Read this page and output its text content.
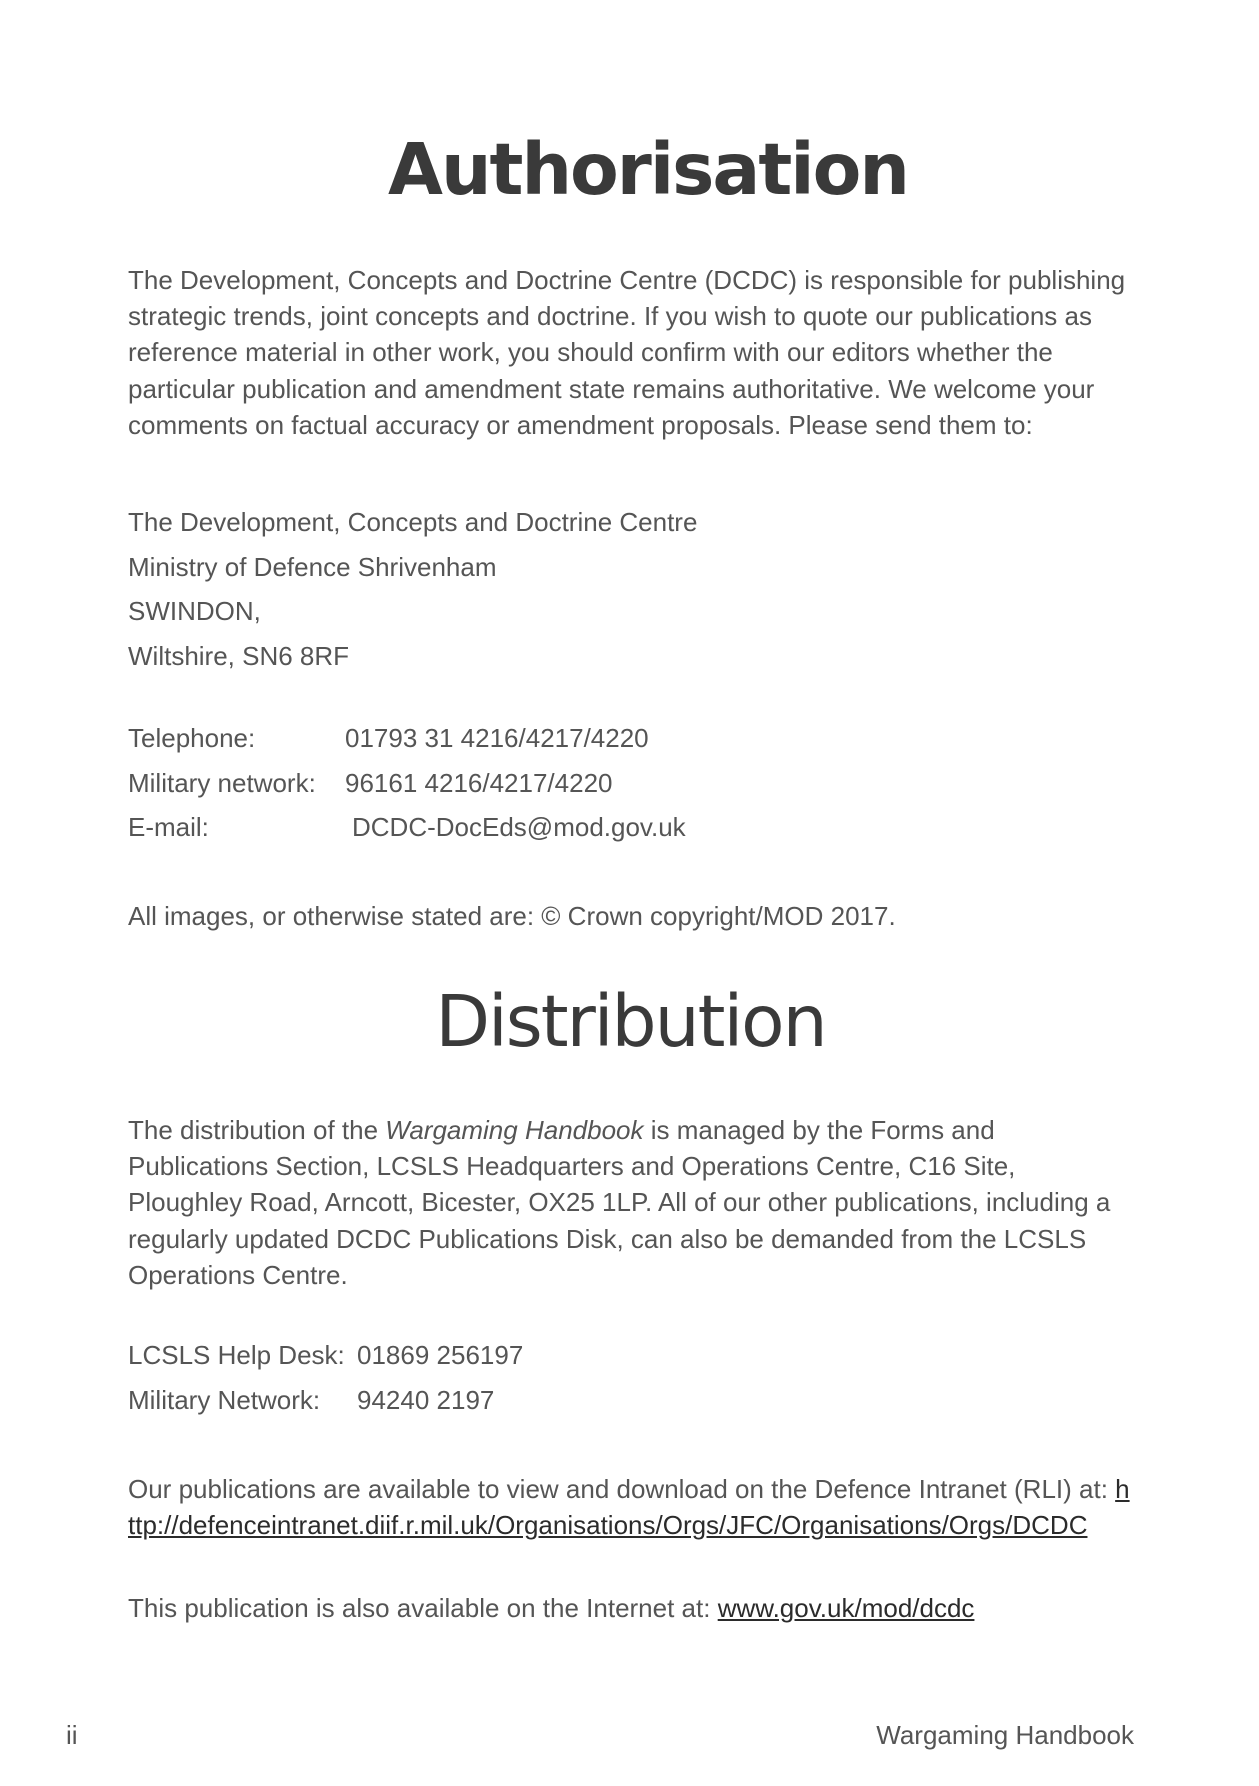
Authorisation

The Development, Concepts and Doctrine Centre (DCDC) is responsible for publishing strategic trends, joint concepts and doctrine. If you wish to quote our publications as reference material in other work, you should confirm with our editors whether the particular publication and amendment state remains authoritative. We welcome your comments on factual accuracy or amendment proposals. Please send them to:

The Development, Concepts and Doctrine Centre
Ministry of Defence Shrivenham
SWINDON,
Wiltshire, SN6 8RF
Telephone:	01793 31 4216/4217/4220
Military network: 96161 4216/4217/4220
E-mail:	DCDC-DocEds@mod.gov.uk

All images, or otherwise stated are: © Crown copyright/MOD 2017.

Distribution

The distribution of the Wargaming Handbook is managed by the Forms and Publications Section, LCSLS Headquarters and Operations Centre, C16 Site, Ploughley Road, Arncott, Bicester, OX25 1LP. All of our other publications, including a regularly updated DCDC Publications Disk, can also be demanded from the LCSLS Operations Centre.

LCSLS Help Desk: 01869 256197
Military Network: 94240 2197

Our publications are available to view and download on the Defence Intranet (RLI) at: http://defenceintranet.diif.r.mil.uk/Organisations/Orgs/JFC/Organisations/Orgs/DCDC

This publication is also available on the Internet at: www.gov.uk/mod/dcdc

ii	Wargaming Handbook
